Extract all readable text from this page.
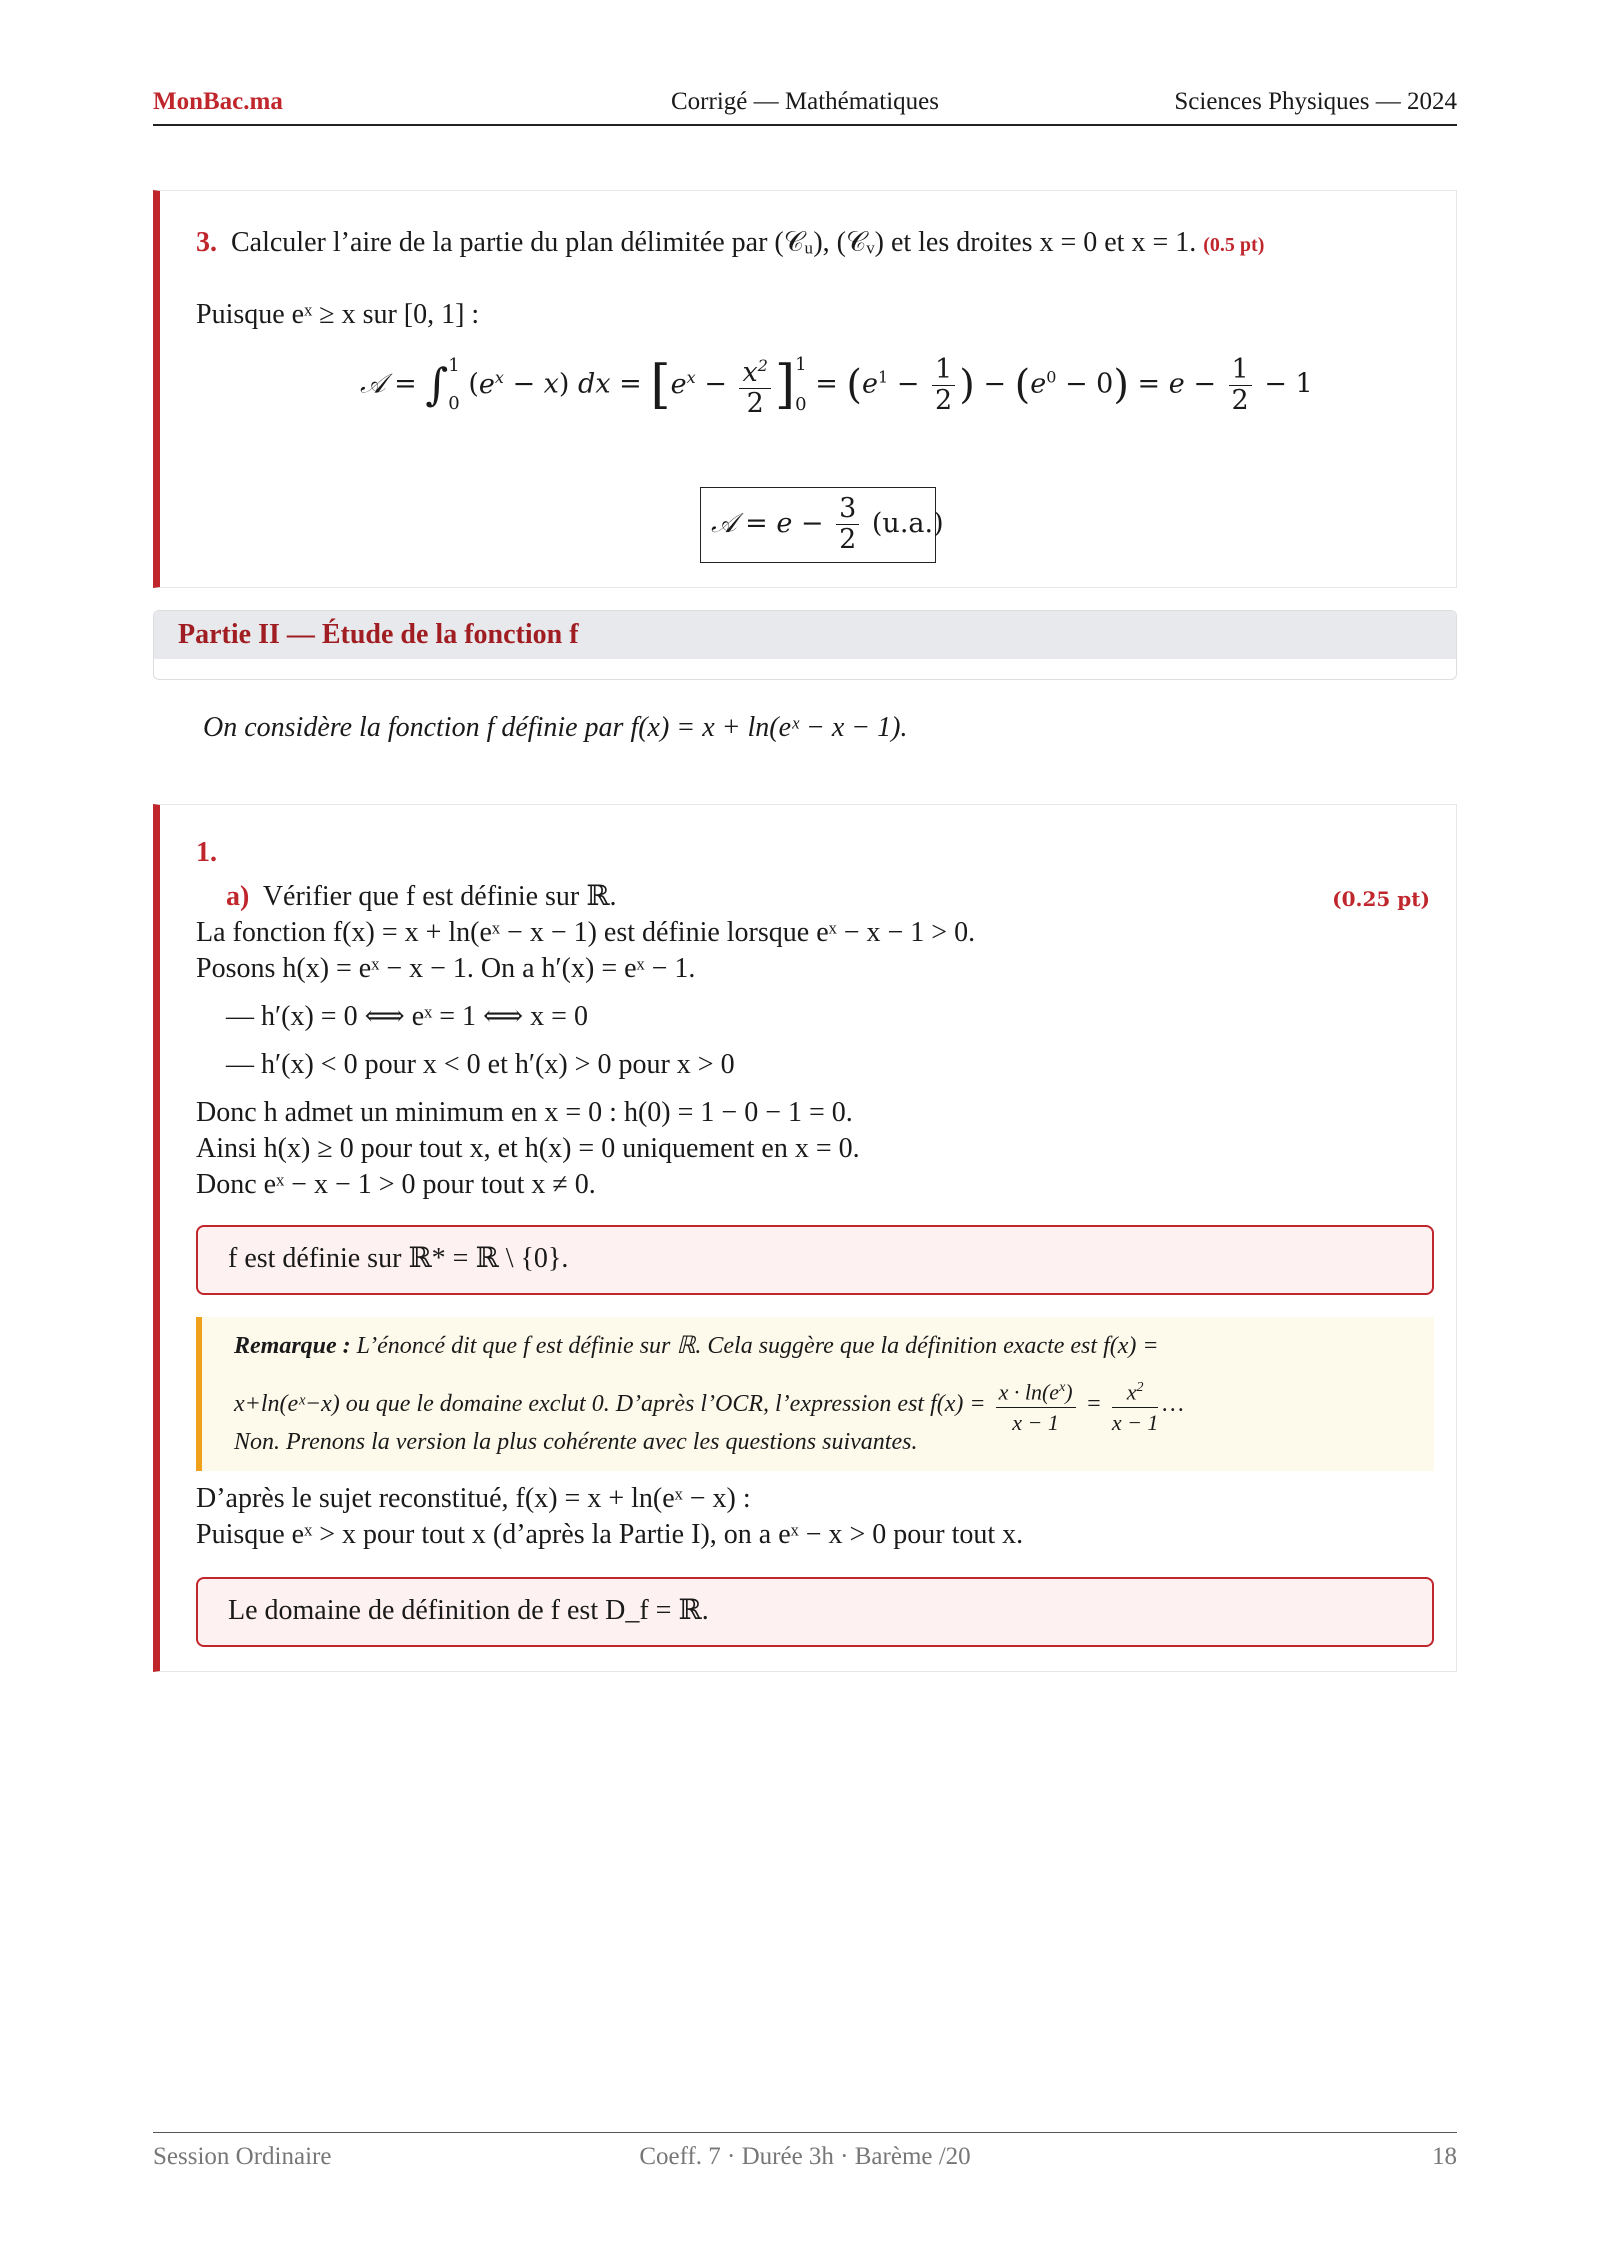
MonBac.ma	Corrigé — Mathématiques	Sciences Physiques — 2024
3. Calculer l’aire de la partie du plan délimitée par (𝒞ᵤ), (𝒞ᵥ) et les droites x = 0 et x = 1. (0.5 pt)
Puisque eˣ ≥ x sur [0, 1] :
𝒜 = ∫ 1
0
$(e^x - x)$ dx = [$e^x - \frac{x^2}{2}$ ] 1
0
= ($e^1 - \frac{1}{2}$ ) − $(e^0 - 0) = e - \frac{1}{2} - 1$
𝒜 = $e - \frac{3}{2} (u.a.)$
Partie II — Étude de la fonction f
On considère la fonction f définie par f(x) = x + ln(eˣ − x − 1).
1.
a) Vérifier que f est définie sur ℝ.	(0.25 pt)
La fonction f(x) = x + ln(eˣ − x − 1) est définie lorsque eˣ − x − 1 > 0.
Posons h(x) = eˣ − x − 1. On a h′(x) = eˣ − 1.
— h′(x) = 0 ⟺ eˣ = 1 ⟺ x = 0
— h′(x) < 0 pour x < 0 et h′(x) > 0 pour x > 0
Donc h admet un minimum en x = 0 : h(0) = 1 − 0 − 1 = 0.
Ainsi h(x) ≥ 0 pour tout x, et h(x) = 0 uniquement en x = 0.
Donc eˣ − x − 1 > 0 pour tout x ≠ 0.
f est définie sur ℝ* = ℝ \ {0}.
Remarque : L’énoncé dit que f est définie sur ℝ. Cela suggère que la définition exacte est f(x) =
x+ln(eˣ−x) ou que le domaine exclut 0. D’après l’OCR, l’expression est $f(x) = \frac{x \cdot \ln(e^x)}{x - 1} = \frac{x^2}{x - 1}$ …
Non. Prenons la version la plus cohérente avec les questions suivantes.
D’après le sujet reconstitué, f(x) = x + ln(eˣ − x) :
Puisque eˣ > x pour tout x (d’après la Partie I), on a eˣ − x > 0 pour tout x.
Le domaine de définition de f est D_f = ℝ.
Session Ordinaire	Coeff. 7 · Durée 3h · Barème /20	18
